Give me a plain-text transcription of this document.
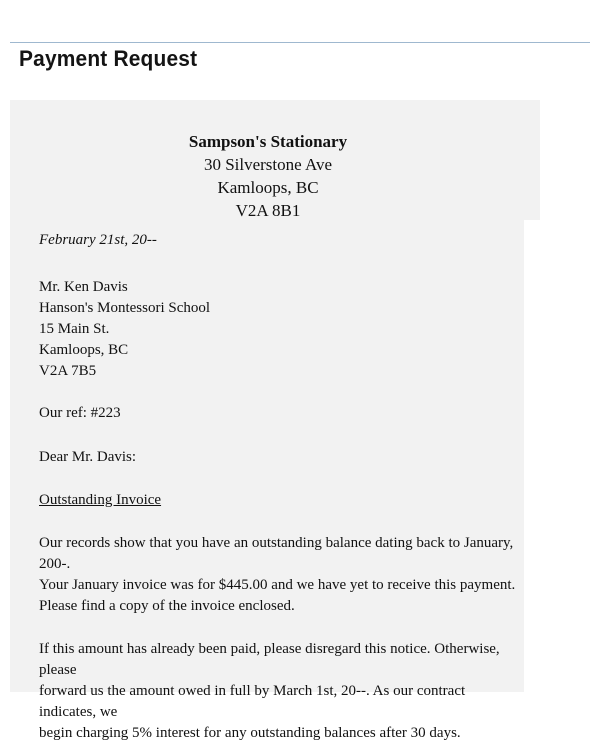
Payment Request
Sampson's Stationary
30 Silverstone Ave
Kamloops, BC
V2A 8B1

February 21st, 20--

Mr. Ken Davis

Hanson's Montessori School

15 Main St.

Kamloops, BC

V2A 7B5

Our ref: #223

Dear Mr. Davis:

Outstanding Invoice

Our records show that you have an outstanding balance dating back to January, 200-.

Your January invoice was for $445.00 and we have yet to receive this payment.

Please find a copy of the invoice enclosed.

If this amount has already been paid, please disregard this notice. Otherwise, please

forward us the amount owed in full by March 1st, 20--. As our contract indicates, we

begin charging 5% interest for any outstanding balances after 30 days.
